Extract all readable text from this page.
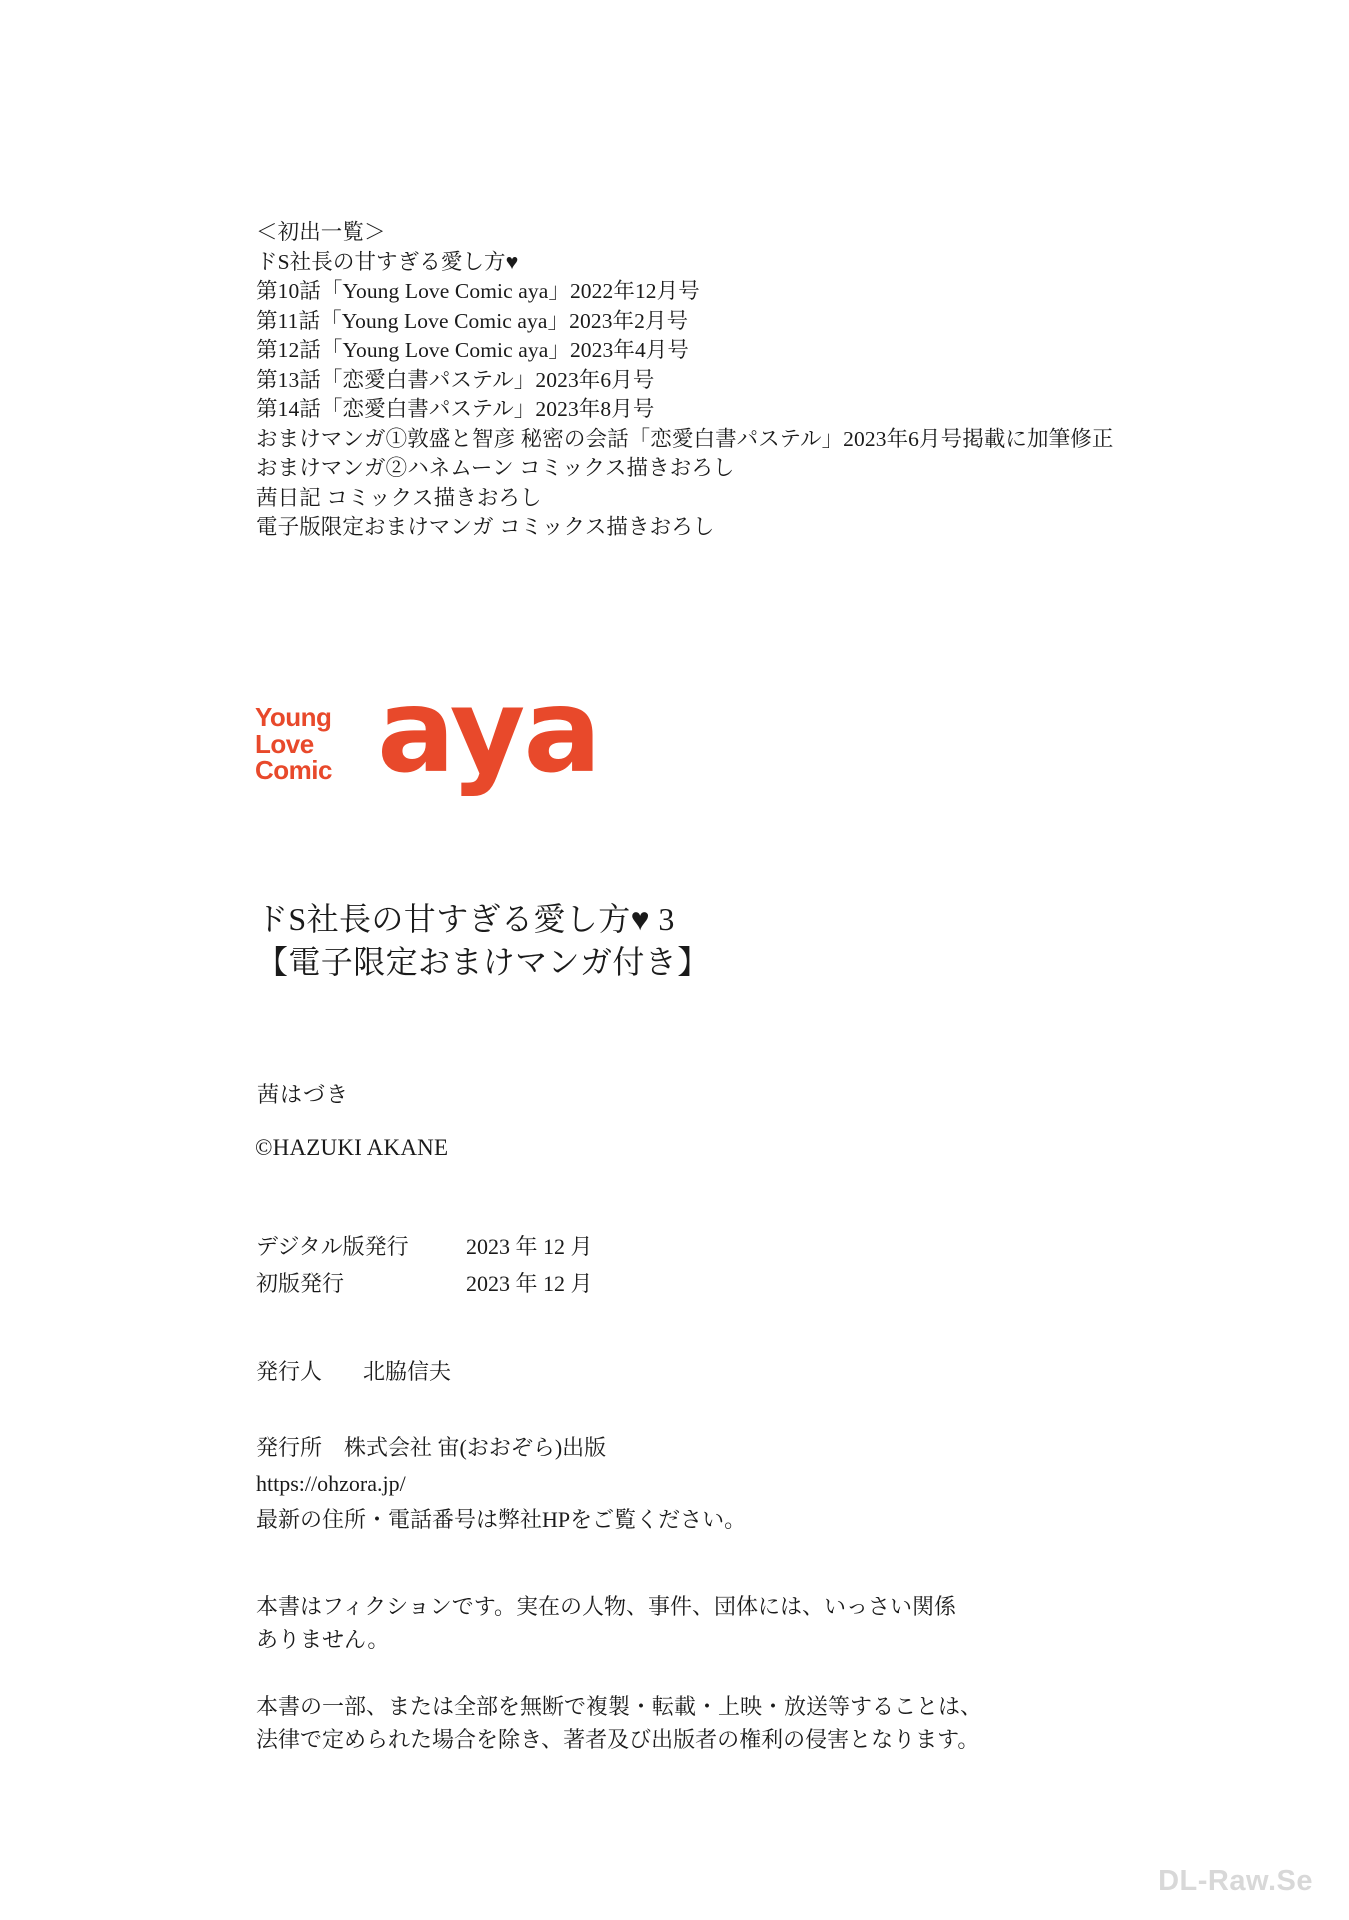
＜初出一覧＞
ドS社長の甘すぎる愛し方♥
第10話「Young Love Comic aya」2022年12月号
第11話「Young Love Comic aya」2023年2月号
第12話「Young Love Comic aya」2023年4月号
第13話「恋愛白書パステル」2023年6月号
第14話「恋愛白書パステル」2023年8月号
おまけマンガ①敦盛と智彦 秘密の会話「恋愛白書パステル」2023年6月号掲載に加筆修正
おまけマンガ②ハネムーン コミックス描きおろし
茜日記 コミックス描きおろし
電子版限定おまけマンガ コミックス描きおろし
Young
Love
Comic aya
ドS社長の甘すぎる愛し方♥ 3
【電子限定おまけマンガ付き】
茜はづき
©HAZUKI AKANE
デジタル版発行	2023 年 12 月
初版発行	2023 年 12 月
発行人 北脇信夫
発行所　株式会社 宙(おおぞら)出版
https://ohzora.jp/
最新の住所・電話番号は弊社HPをご覧ください。
本書はフィクションです。実在の人物、事件、団体には、いっさい関係
ありません。
本書の一部、または全部を無断で複製・転載・上映・放送等することは、
法律で定められた場合を除き、著者及び出版者の権利の侵害となります。
DL-Raw.Se
